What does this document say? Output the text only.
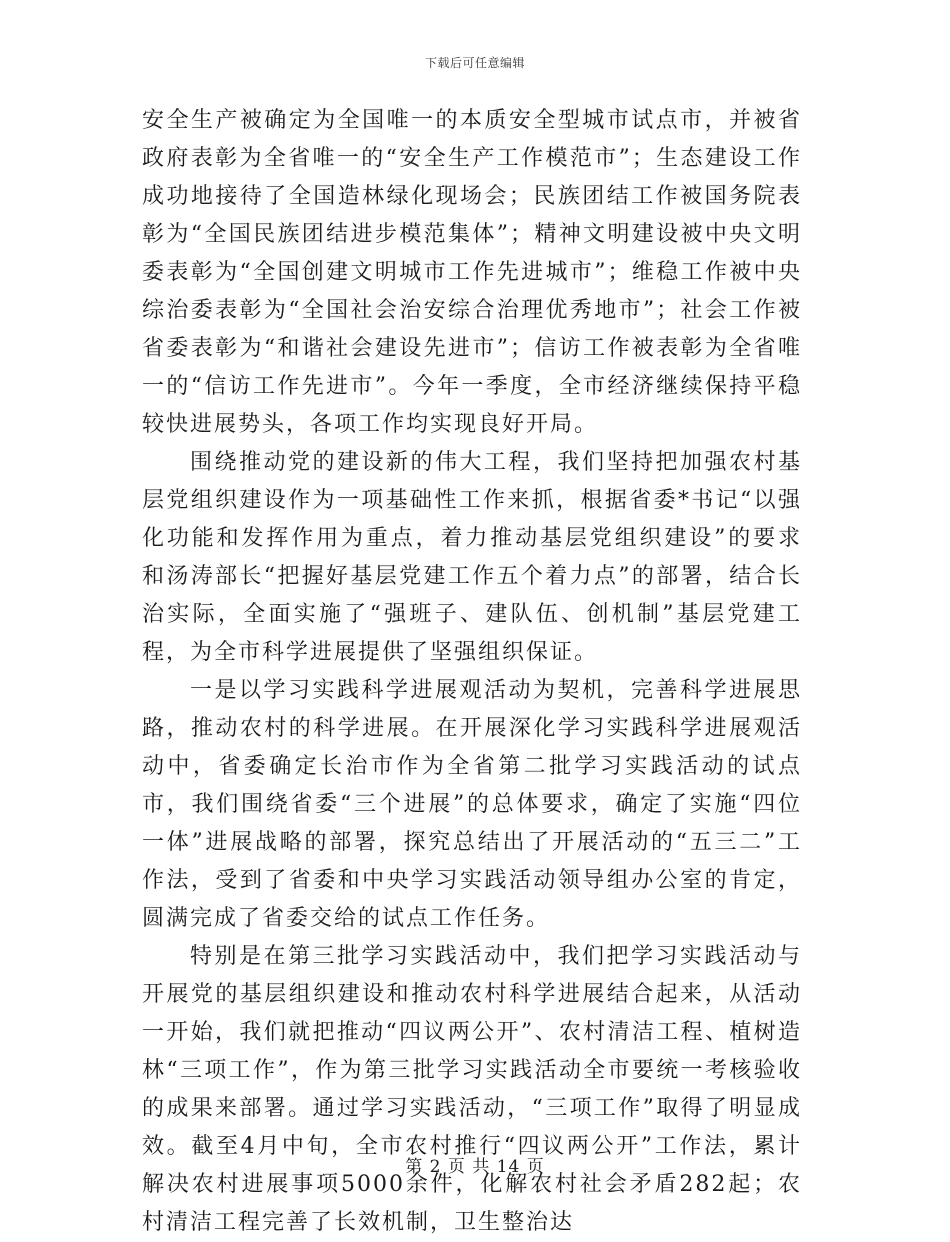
下载后可任意编辑

安全生产被确定为全国唯一的本质安全型城市试点市，并被省政府表彰为全省唯一的“安全生产工作模范市”；生态建设工作成功地接待了全国造林绿化现场会；民族团结工作被国务院表彰为“全国民族团结进步模范集体”；精神文明建设被中央文明委表彰为“全国创建文明城市工作先进城市”；维稳工作被中央综治委表彰为“全国社会治安综合治理优秀地市”；社会工作被省委表彰为“和谐社会建设先进市”；信访工作被表彰为全省唯一的“信访工作先进市”。今年一季度，全市经济继续保持平稳较快进展势头，各项工作均实现良好开局。

围绕推动党的建设新的伟大工程，我们坚持把加强农村基层党组织建设作为一项基础性工作来抓，根据省委*书记“以强化功能和发挥作用为重点，着力推动基层党组织建设”的要求和汤涛部长“把握好基层党建工作五个着力点”的部署，结合长治实际，全面实施了“强班子、建队伍、创机制”基层党建工程，为全市科学进展提供了坚强组织保证。

一是以学习实践科学进展观活动为契机，完善科学进展思路，推动农村的科学进展。在开展深化学习实践科学进展观活动中，省委确定长治市作为全省第二批学习实践活动的试点市，我们围绕省委“三个进展”的总体要求，确定了实施“四位一体”进展战略的部署，探究总结出了开展活动的“五三二”工作法，受到了省委和中央学习实践活动领导组办公室的肯定，圆满完成了省委交给的试点工作任务。

特别是在第三批学习实践活动中，我们把学习实践活动与开展党的基层组织建设和推动农村科学进展结合起来，从活动一开始，我们就把推动“四议两公开”、农村清洁工程、植树造林“三项工作”，作为第三批学习实践活动全市要统一考核验收的成果来部署。通过学习实践活动，“三项工作”取得了明显成效。截至4月中旬，全市农村推行“四议两公开”工作法，累计解决农村进展事项5000余件，化解农村社会矛盾282起；农村清洁工程完善了长效机制，卫生整治达

第 2 页 共 14 页
